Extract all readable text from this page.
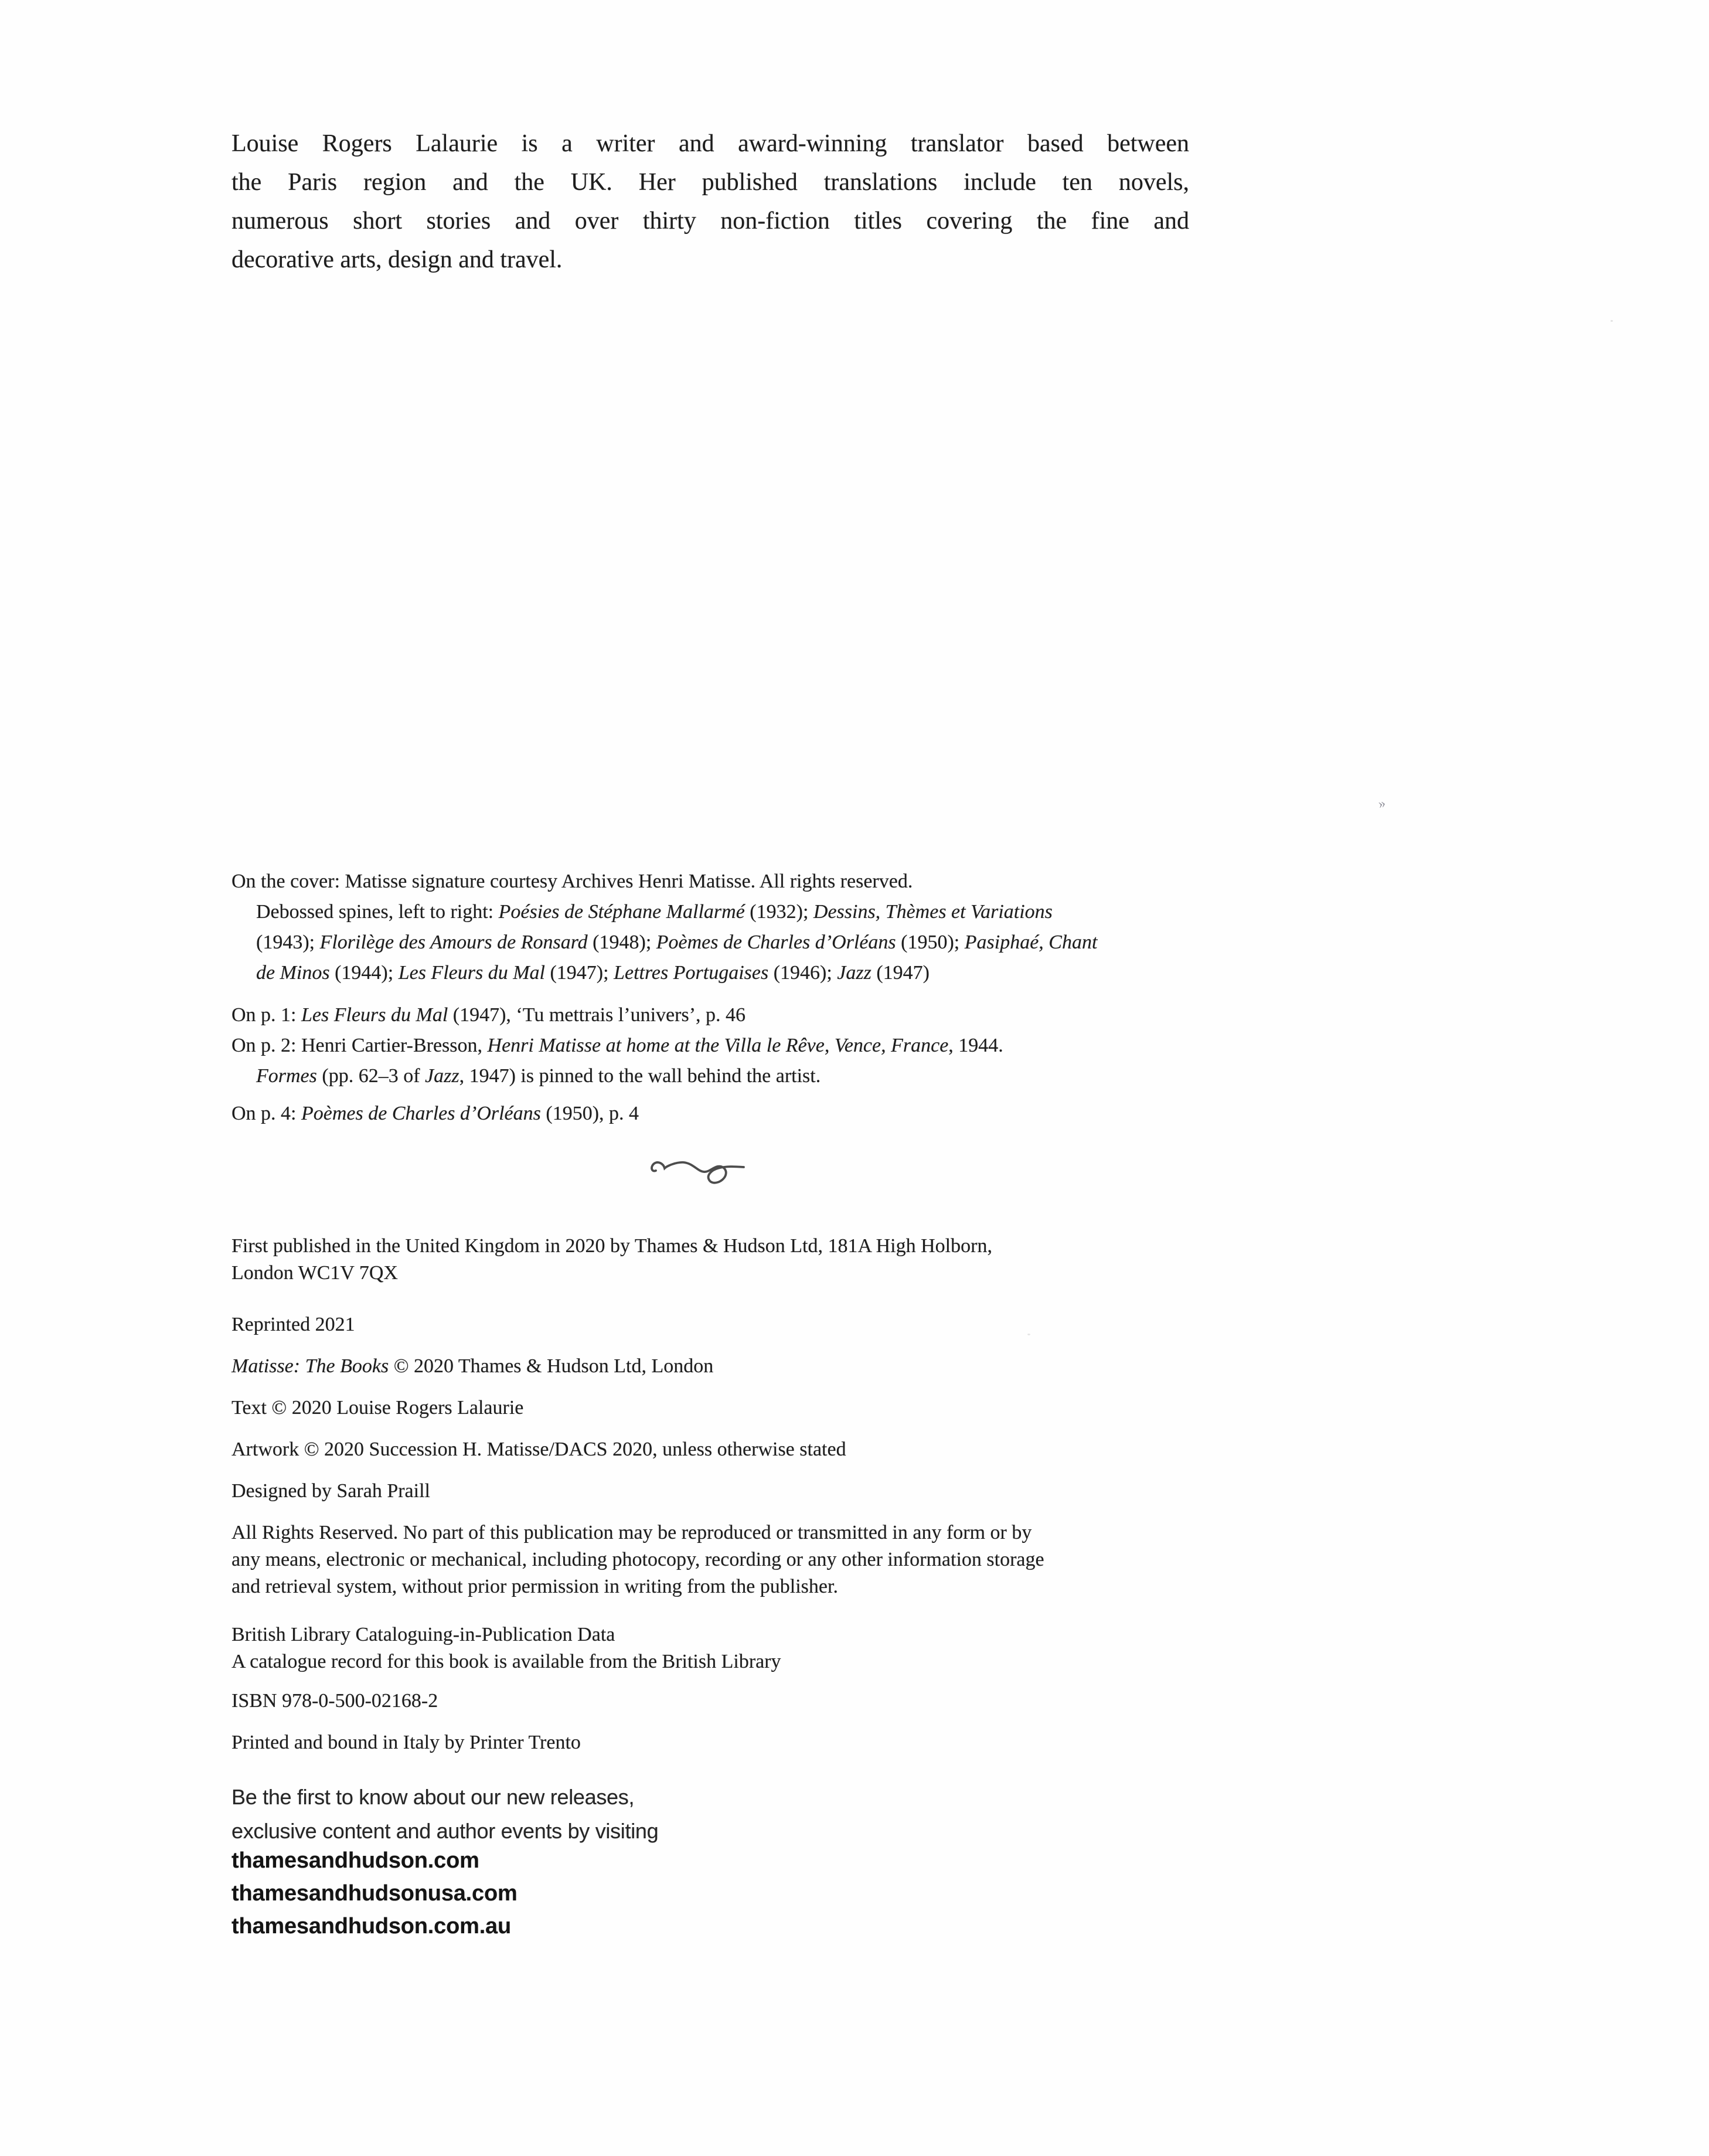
Louise Rogers Lalaurie is a writer and award-winning translator based between
the Paris region and the UK. Her published translations include ten novels,
numerous short stories and over thirty non-fiction titles covering the fine and
decorative arts, design and travel.
»
On the cover: Matisse signature courtesy Archives Henri Matisse. All rights reserved.
Debossed spines, left to right: Poésies de Stéphane Mallarmé (1932); Dessins, Thèmes et Variations
(1943); Florilège des Amours de Ronsard (1948); Poèmes de Charles d’Orléans (1950); Pasiphaé, Chant
de Minos (1944); Les Fleurs du Mal (1947); Lettres Portugaises (1946); Jazz (1947)
On p. 1: Les Fleurs du Mal (1947), ‘Tu mettrais l’univers’, p. 46
On p. 2: Henri Cartier-Bresson, Henri Matisse at home at the Villa le Rêve, Vence, France, 1944.
Formes (pp. 62–3 of Jazz, 1947) is pinned to the wall behind the artist.
On p. 4: Poèmes de Charles d’Orléans (1950), p. 4
First published in the United Kingdom in 2020 by Thames & Hudson Ltd, 181A High Holborn,
London WC1V 7QX
Reprinted 2021
Matisse: The Books © 2020 Thames & Hudson Ltd, London
Text © 2020 Louise Rogers Lalaurie
Artwork © 2020 Succession H. Matisse/DACS 2020, unless otherwise stated
Designed by Sarah Praill
All Rights Reserved. No part of this publication may be reproduced or transmitted in any form or by
any means, electronic or mechanical, including photocopy, recording or any other information storage
and retrieval system, without prior permission in writing from the publisher.
British Library Cataloguing-in-Publication Data
A catalogue record for this book is available from the British Library
ISBN 978-0-500-02168-2
Printed and bound in Italy by Printer Trento
Be the first to know about our new releases,
exclusive content and author events by visiting
thamesandhudson.com
thamesandhudsonusa.com
thamesandhudson.com.au
